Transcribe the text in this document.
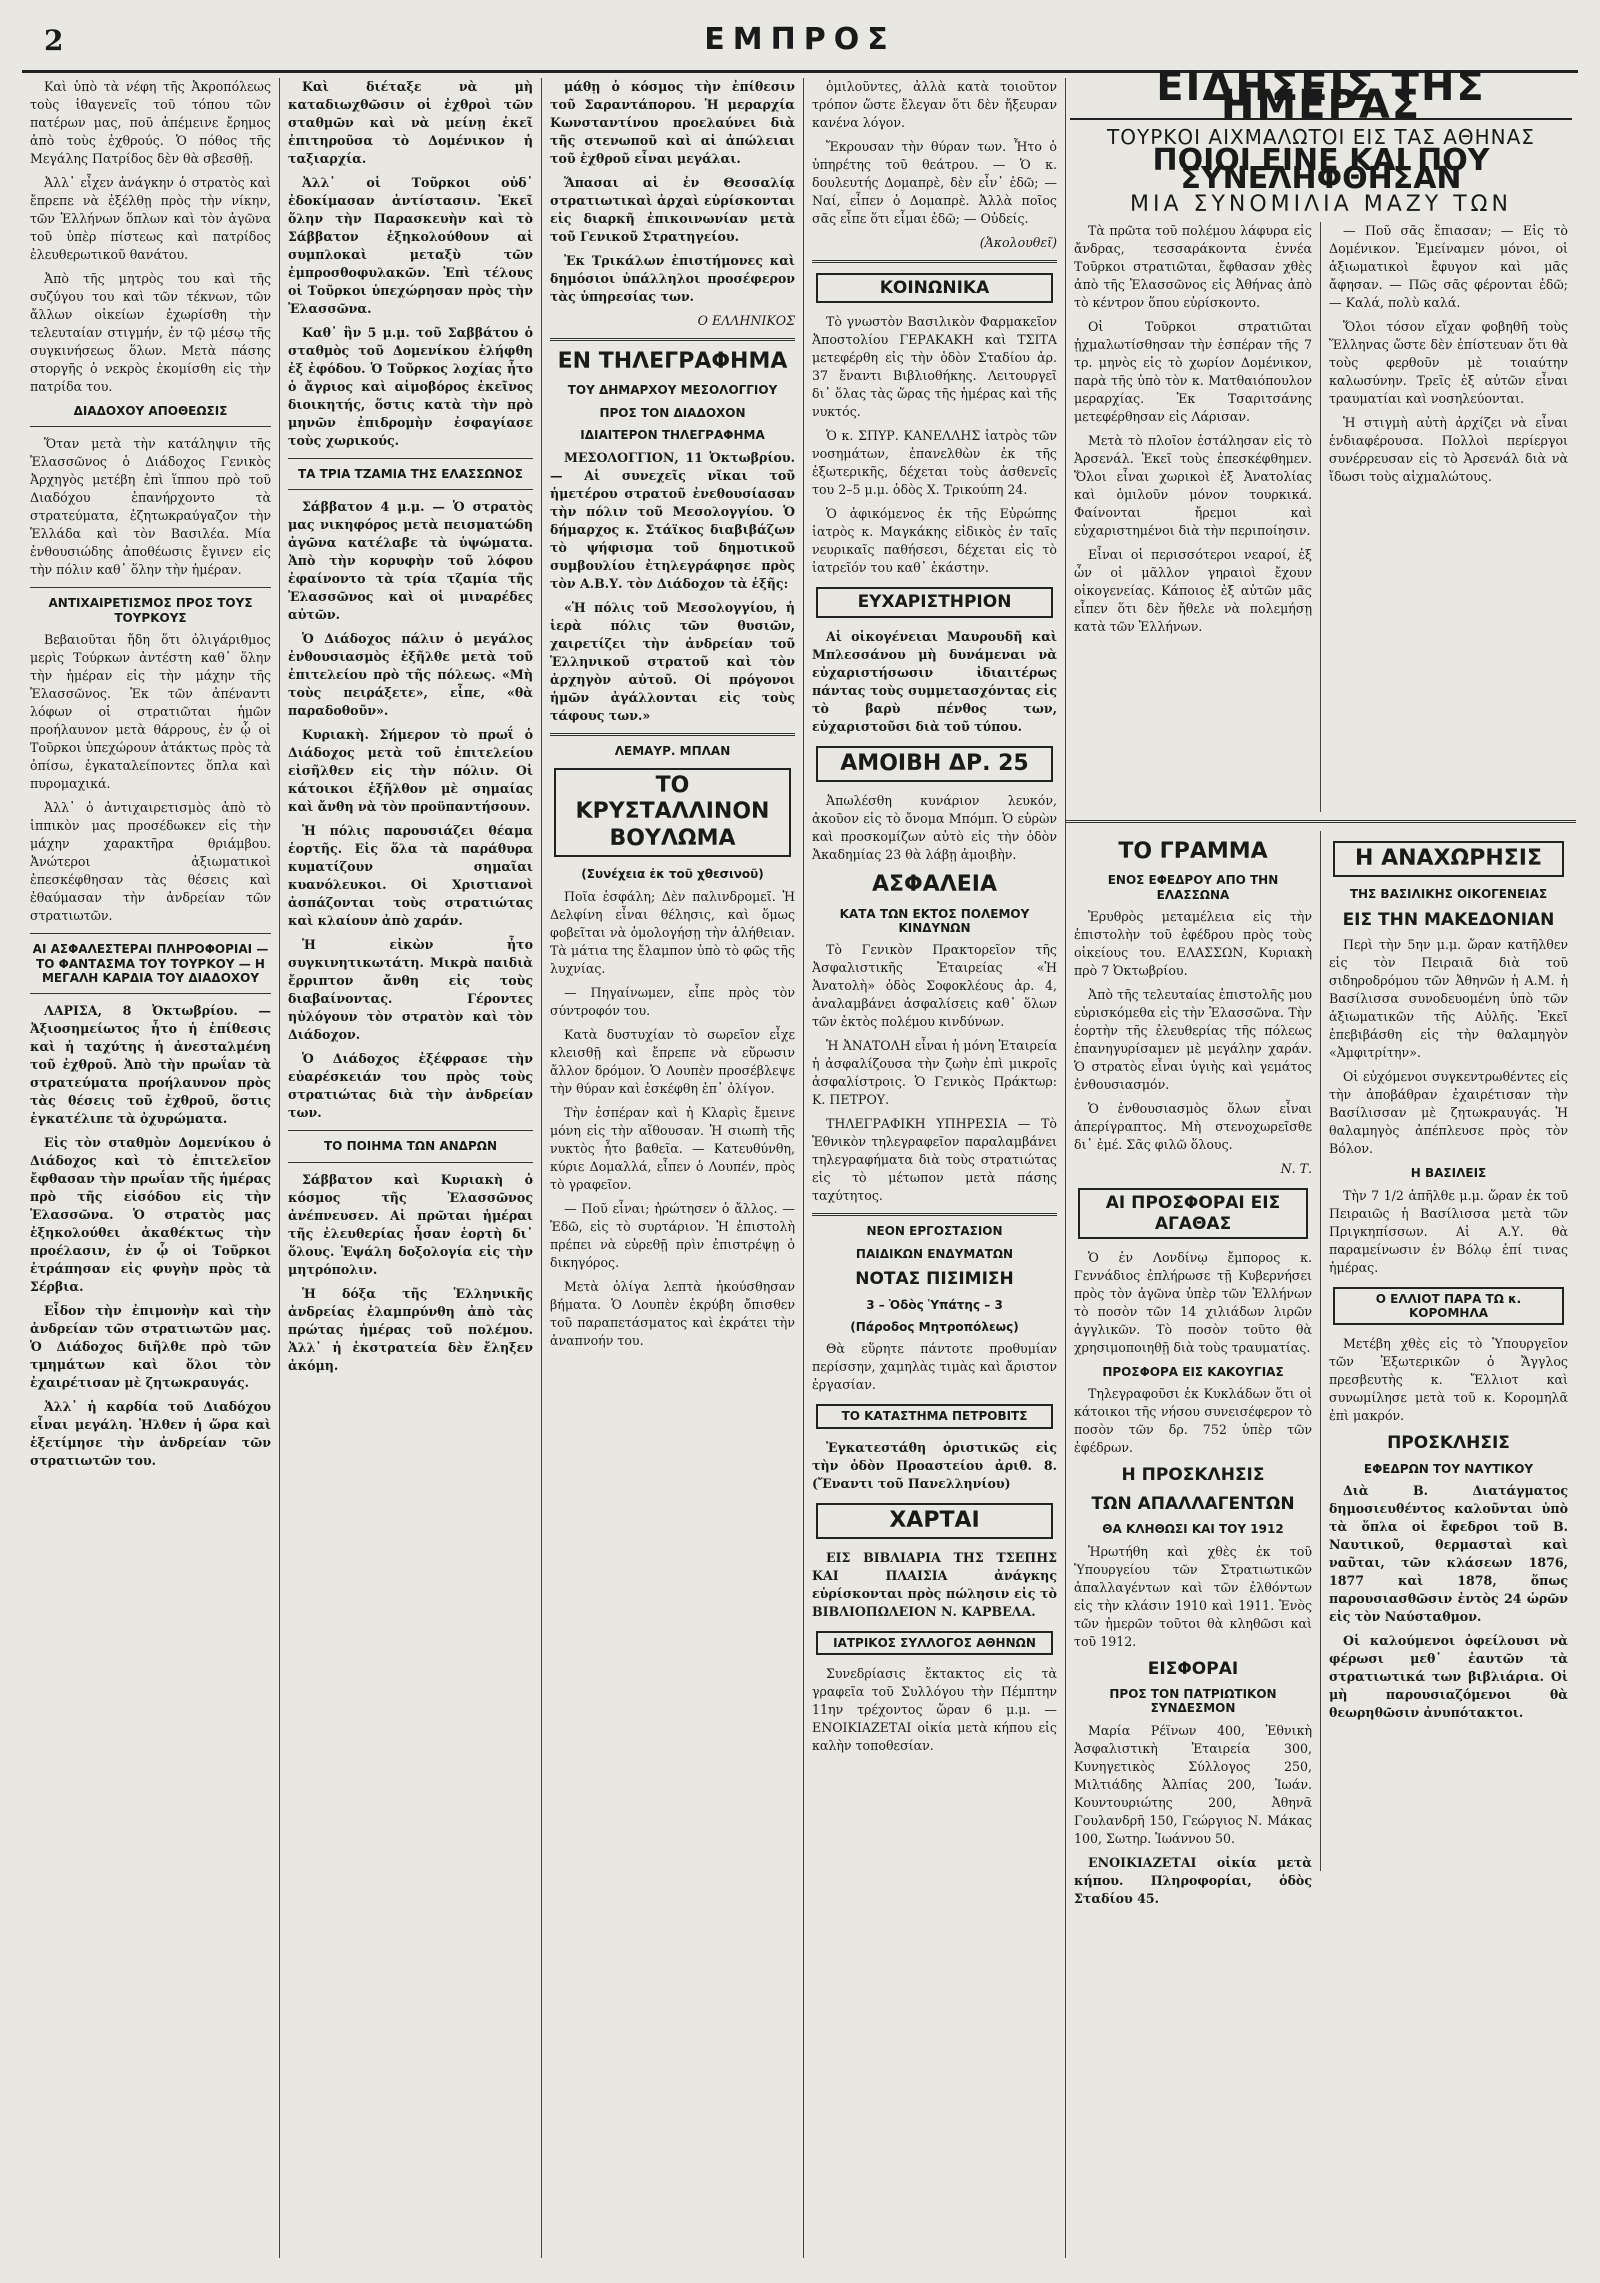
2	ΕΜΠΡΟΣ

Καὶ ὑπὸ τὰ νέφη τῆς Ἀκροπόλεως τοὺς ἰθαγενεῖς τοῦ τόπου τῶν πατέρων μας, ποῦ ἀπέμεινε ἔρημος ἀπὸ τοὺς ἐχθρούς. Ὁ πόθος τῆς Μεγάλης Πατρίδος δὲν θὰ σβεσθῇ.

Ἀλλ᾽ εἶχεν ἀνάγκην ὁ στρατὸς καὶ ἔπρεπε νὰ ἐξέλθῃ πρὸς τὴν νίκην, τῶν Ἑλλήνων ὅπλων καὶ τὸν ἀγῶνα τοῦ ὑπὲρ πίστεως καὶ πατρίδος ἐλευθερωτικοῦ θανάτου.

Ἀπὸ τῆς μητρὸς του καὶ τῆς συζύγου του καὶ τῶν τέκνων, τῶν ἄλλων οἰκείων ἐχωρίσθη τὴν τελευταίαν στιγμήν, ἐν τῷ μέσῳ τῆς συγκινήσεως ὅλων. Μετὰ πάσης στοργῆς ὁ νεκρὸς ἐκομίσθη εἰς τὴν πατρίδα του.

ΔΙΑΔΟΧΟΥ ΑΠΟΘΕΩΣΙΣ

Ὅταν μετὰ τὴν κατάληψιν τῆς Ἐλασσῶνος ὁ Διάδοχος Γενικὸς Ἀρχηγὸς μετέβη ἐπὶ ἵππου πρὸ τοῦ Διαδόχου ἐπανήρχοντο τὰ στρατεύματα, ἐζητωκραύγαζον τὴν Ἑλλάδα καὶ τὸν Βασιλέα. Μία ἐνθουσιώδης ἀποθέωσις ἔγινεν εἰς τὴν πόλιν καθ᾽ ὅλην τὴν ἡμέραν.

ΑΝΤΙΧΑΙΡΕΤΙΣΜΟΣ ΠΡΟΣ ΤΟΥΣ ΤΟΥΡΚΟΥΣ

Βεβαιοῦται ἤδη ὅτι ὀλιγάριθμος μερὶς Τούρκων ἀντέστη καθ᾽ ὅλην τὴν ἡμέραν εἰς τὴν μάχην τῆς Ἐλασσῶνος. Ἐκ τῶν ἀπέναντι λόφων οἱ στρατιῶται ἡμῶν προήλαυνον μετὰ θάρρους, ἐν ᾧ οἱ Τοῦρκοι ὑπεχώρουν ἀτάκτως πρὸς τὰ ὀπίσω, ἐγκαταλείποντες ὅπλα καὶ πυρομαχικά.

Ἀλλ᾽ ὁ ἀντιχαιρετισμὸς ἀπὸ τὸ ἱππικὸν μας προσέδωκεν εἰς τὴν μάχην χαρακτῆρα θριάμβου. Ἀνώτεροι ἀξιωματικοὶ ἐπεσκέφθησαν τὰς θέσεις καὶ ἐθαύμασαν τὴν ἀνδρείαν τῶν στρατιωτῶν.

ΑΙ ΑΣΦΑΛΕΣΤΕΡΑΙ ΠΛΗΡΟΦΟΡΙΑΙ — ΤΟ ΦΑΝΤΑΣΜΑ ΤΟΥ ΤΟΥΡΚΟΥ — Η ΜΕΓΑΛΗ ΚΑΡΔΙΑ ΤΟΥ ΔΙΑΔΟΧΟΥ

ΛΑΡΙΣΑ, 8 Ὀκτωβρίου. — Ἀξιοσημείωτος ἦτο ἡ ἐπίθεσις καὶ ἡ ταχύτης ἡ ἀνεσταλμένη τοῦ ἐχθροῦ. Ἀπὸ τὴν πρωΐαν τὰ στρατεύματα προήλαυνον πρὸς τὰς θέσεις τοῦ ἐχθροῦ, ὅστις ἐγκατέλιπε τὰ ὀχυρώματα.

Εἰς τὸν σταθμὸν Δομενίκου ὁ Διάδοχος καὶ τὸ ἐπιτελεῖον ἔφθασαν τὴν πρωΐαν τῆς ἡμέρας πρὸ τῆς εἰσόδου εἰς τὴν Ἐλασσῶνα. Ὁ στρατὸς μας ἐξηκολούθει ἀκαθέκτως τὴν προέλασιν, ἐν ᾧ οἱ Τοῦρκοι ἐτράπησαν εἰς φυγὴν πρὸς τὰ Σέρβια.

Εἶδον τὴν ἐπιμονὴν καὶ τὴν ἀνδρείαν τῶν στρατιωτῶν μας. Ὁ Διάδοχος διῆλθε πρὸ τῶν τμημάτων καὶ ὅλοι τὸν ἐχαιρέτισαν μὲ ζητωκραυγάς.

Ἀλλ᾽ ἡ καρδία τοῦ Διαδόχου εἶναι μεγάλη. Ἠλθεν ἡ ὥρα καὶ ἐξετίμησε τὴν ἀνδρείαν τῶν στρατιωτῶν του.

Καὶ διέταξε νὰ μὴ καταδιωχθῶσιν οἱ ἐχθροὶ τῶν σταθμῶν καὶ νὰ μείνῃ ἐκεῖ ἐπιτηροῦσα τὸ Δομένικον ἡ ταξιαρχία.

Ἀλλ᾽ οἱ Τοῦρκοι οὐδ᾽ ἐδοκίμασαν ἀντίστασιν. Ἐκεῖ ὅλην τὴν Παρασκευὴν καὶ τὸ Σάββατον ἐξηκολούθουν αἱ συμπλοκαὶ μεταξὺ τῶν ἐμπροσθοφυλακῶν. Ἐπὶ τέλους οἱ Τοῦρκοι ὑπεχώρησαν πρὸς τὴν Ἐλασσῶνα.

Καθ᾽ ἣν 5 μ.μ. τοῦ Σαββάτου ὁ σταθμὸς τοῦ Δομενίκου ἐλήφθη ἐξ ἐφόδου. Ὁ Τοῦρκος λοχίας ἦτο ὁ ἄγριος καὶ αἱμοβόρος ἐκεῖνος διοικητής, ὅστις κατὰ τὴν πρὸ μηνῶν ἐπιδρομὴν ἐσφαγίασε τοὺς χωρικούς.

ΤΑ ΤΡΙΑ ΤΖΑΜΙΑ ΤΗΣ ΕΛΑΣΣΩΝΟΣ

Σάββατον 4 μ.μ. — Ὁ στρατὸς μας νικηφόρος μετὰ πεισματώδη ἀγῶνα κατέλαβε τὰ ὑψώματα. Ἀπὸ τὴν κορυφὴν τοῦ λόφου ἐφαίνοντο τὰ τρία τζαμία τῆς Ἐλασσῶνος καὶ οἱ μιναρέδες αὐτῶν.

Ὁ Διάδοχος πάλιν ὁ μεγάλος ἐνθουσιασμὸς ἐξῆλθε μετὰ τοῦ ἐπιτελείου πρὸ τῆς πόλεως. «Μὴ τοὺς πειράξετε», εἶπε, «θὰ παραδοθοῦν».

Κυριακὴ. Σήμερον τὸ πρωΐ ὁ Διάδοχος μετὰ τοῦ ἐπιτελείου εἰσῆλθεν εἰς τὴν πόλιν. Οἱ κάτοικοι ἐξῆλθον μὲ σημαίας καὶ ἄνθη νὰ τὸν προϋπαντήσουν.

Ἡ πόλις παρουσιάζει θέαμα ἑορτῆς. Εἰς ὅλα τὰ παράθυρα κυματίζουν σημαῖαι κυανόλευκοι. Οἱ Χριστιανοὶ ἀσπάζονται τοὺς στρατιώτας καὶ κλαίουν ἀπὸ χαράν.

Ἡ εἰκὼν ἦτο συγκινητικωτάτη. Μικρὰ παιδιὰ ἔρριπτον ἄνθη εἰς τοὺς διαβαίνοντας. Γέροντες ηὐλόγουν τὸν στρατὸν καὶ τὸν Διάδοχον.

Ὁ Διάδοχος ἐξέφρασε τὴν εὐαρέσκειάν του πρὸς τοὺς στρατιώτας διὰ τὴν ἀνδρείαν των.

ΤΟ ΠΟΙΗΜΑ ΤΩΝ ΑΝΔΡΩΝ

Σάββατον καὶ Κυριακὴ ὁ κόσμος τῆς Ἐλασσῶνος ἀνέπνευσεν. Αἱ πρῶται ἡμέραι τῆς ἐλευθερίας ἦσαν ἑορτὴ δι᾽ ὅλους. Ἐψάλη δοξολογία εἰς τὴν μητρόπολιν.

Ἡ δόξα τῆς Ἑλληνικῆς ἀνδρείας ἐλαμπρύνθη ἀπὸ τὰς πρώτας ἡμέρας τοῦ πολέμου. Ἀλλ᾽ ἡ ἐκστρατεία δὲν ἔληξεν ἀκόμη.

μάθῃ ὁ κόσμος τὴν ἐπίθεσιν τοῦ Σαραντάπορου. Ἡ μεραρχία Κωνσταντίνου προελαύνει διὰ τῆς στενωποῦ καὶ αἱ ἀπώλειαι τοῦ ἐχθροῦ εἶναι μεγάλαι.

Ἅπασαι αἱ ἐν Θεσσαλίᾳ στρατιωτικαὶ ἀρχαὶ εὑρίσκονται εἰς διαρκῆ ἐπικοινωνίαν μετὰ τοῦ Γενικοῦ Στρατηγείου.

Ἐκ Τρικάλων ἐπιστήμονες καὶ δημόσιοι ὑπάλληλοι προσέφερον τὰς ὑπηρεσίας των.

Ο ΕΛΛΗΝΙΚΟΣ
ΕΝ ΤΗΛΕΓΡΑΦΗΜΑ
ΤΟΥ ΔΗΜΑΡΧΟΥ ΜΕΣΟΛΟΓΓΙΟΥ
ΠΡΟΣ ΤΟΝ ΔΙΑΔΟΧΟΝ
ΙΔΙΑΙΤΕΡΟΝ ΤΗΛΕΓΡΑΦΗΜΑ

ΜΕΣΟΛΟΓΓΙΟΝ, 11 Ὀκτωβρίου. — Αἱ συνεχεῖς νῖκαι τοῦ ἡμετέρου στρατοῦ ἐνεθουσίασαν τὴν πόλιν τοῦ Μεσολογγίου. Ὁ δήμαρχος κ. Στάϊκος διαβιβάζων τὸ ψήφισμα τοῦ δημοτικοῦ συμβουλίου ἐτηλεγράφησε πρὸς τὸν Α.Β.Υ. τὸν Διάδοχον τὰ ἑξῆς:

«Ἡ πόλις τοῦ Μεσολογγίου, ἡ ἱερὰ πόλις τῶν θυσιῶν, χαιρετίζει τὴν ἀνδρείαν τοῦ Ἑλληνικοῦ στρατοῦ καὶ τὸν ἀρχηγὸν αὐτοῦ. Οἱ πρόγονοι ἡμῶν ἀγάλλονται εἰς τοὺς τάφους των.»

ΛΕΜΑΥΡ. ΜΠΛΑΝ
ΤΟ ΚΡΥΣΤΑΛΛΙΝΟΝ ΒΟΥΛΩΜΑ
(Συνέχεια ἐκ τοῦ χθεσινοῦ)

Ποῖα ἐσφάλη; Δὲν παλινδρομεῖ. Ἡ Δελφίνη εἶναι θέλησις, καὶ ὅμως φοβεῖται νὰ ὁμολογήσῃ τὴν ἀλήθειαν. Τὰ μάτια της ἔλαμπον ὑπὸ τὸ φῶς τῆς λυχνίας.

— Πηγαίνωμεν, εἶπε πρὸς τὸν σύντροφόν του.

Κατὰ δυστυχίαν τὸ σωρεῖον εἶχε κλεισθῇ καὶ ἔπρεπε νὰ εὕρωσιν ἄλλον δρόμον. Ὁ Λουπὲν προσέβλεψε τὴν θύραν καὶ ἐσκέφθη ἐπ᾽ ὀλίγον.

Τὴν ἑσπέραν καὶ ἡ Κλαρὶς ἔμεινε μόνη εἰς τὴν αἴθουσαν. Ἡ σιωπὴ τῆς νυκτὸς ἦτο βαθεῖα. — Κατευθύνθη, κύριε Δομαλλά, εἶπεν ὁ Λουπέν, πρὸς τὸ γραφεῖον.

— Ποῦ εἶναι; ἠρώτησεν ὁ ἄλλος. — Ἐδῶ, εἰς τὸ συρτάριον. Ἡ ἐπιστολὴ πρέπει νὰ εὑρεθῇ πρὶν ἐπιστρέψῃ ὁ δικηγόρος.

Μετὰ ὀλίγα λεπτὰ ἠκούσθησαν βήματα. Ὁ Λουπὲν ἐκρύβη ὄπισθεν τοῦ παραπετάσματος καὶ ἐκράτει τὴν ἀναπνοήν του.

ὁμιλοῦντες, ἀλλὰ κατὰ τοιοῦτον τρόπον ὥστε ἔλεγαν ὅτι δὲν ἤξευραν κανένα λόγον.

Ἔκρουσαν τὴν θύραν των. Ἦτο ὁ ὑπηρέτης τοῦ θεάτρου. — Ὁ κ. δουλευτής Δομαπρὲ, δὲν εἶν᾽ ἐδῶ; — Ναί, εἶπεν ὁ Δομαπρὲ. Ἀλλὰ ποῖος σᾶς εἶπε ὅτι εἶμαι ἐδῶ; — Οὐδείς.

(Ἀκολουθεῖ)
ΚΟΙΝΩΝΙΚΑ

Τὸ γνωστὸν Βασιλικὸν Φαρμακεῖον Ἀποστολίου ΓΕΡΑΚΑΚΗ καὶ ΤΣΙΤΑ μετεφέρθη εἰς τὴν ὁδὸν Σταδίου ἀρ. 37 ἔναντι Βιβλιοθήκης. Λειτουργεῖ δι᾽ ὅλας τὰς ὥρας τῆς ἡμέρας καὶ τῆς νυκτός.

Ὁ κ. ΣΠΥΡ. ΚΑΝΕΛΛΗΣ ἰατρὸς τῶν νοσημάτων, ἐπανελθὼν ἐκ τῆς ἐξωτερικῆς, δέχεται τοὺς ἀσθενεῖς του 2–5 μ.μ. ὁδὸς Χ. Τρικούπη 24.

Ὁ ἀφικόμενος ἐκ τῆς Εὐρώπης ἰατρὸς κ. Μαγκάκης εἰδικὸς ἐν ταῖς νευρικαῖς παθήσεσι, δέχεται εἰς τὸ ἰατρεῖόν του καθ᾽ ἑκάστην.

ΕΥΧΑΡΙΣΤΗΡΙΟΝ

Αἱ οἰκογένειαι Μαυρουδῆ καὶ Μπλεσσάνου μὴ δυνάμεναι νὰ εὐχαριστήσωσιν ἰδιαιτέρως πάντας τοὺς συμμετασχόντας εἰς τὸ βαρὺ πένθος των, εὐχαριστοῦσι διὰ τοῦ τύπου.

ΑΜΟΙΒΗ ΔΡ. 25

Ἀπωλέσθη κυνάριον λευκόν, ἀκοῦον εἰς τὸ ὄνομα Μπόμπ. Ὁ εὑρὼν καὶ προσκομίζων αὐτὸ εἰς τὴν ὁδὸν Ἀκαδημίας 23 θὰ λάβῃ ἀμοιβὴν.

ΑΣΦΑΛΕΙΑ
ΚΑΤΑ ΤΩΝ ΕΚΤΟΣ ΠΟΛΕΜΟΥ ΚΙΝΔΥΝΩΝ

Τὸ Γενικὸν Πρακτορεῖον τῆς Ἀσφαλιστικῆς Ἑταιρείας «Ἡ Ἀνατολὴ» ὁδὸς Σοφοκλέους ἀρ. 4, ἀναλαμβάνει ἀσφαλίσεις καθ᾽ ὅλων τῶν ἐκτὸς πολέμου κινδύνων.

Ἡ ἈΝΑΤΟΛΗ εἶναι ἡ μόνη Ἑταιρεία ἡ ἀσφαλίζουσα τὴν ζωὴν ἐπὶ μικροῖς ἀσφαλίστροις. Ὁ Γενικὸς Πράκτωρ: Κ. ΠΕΤΡΟΥ.

ΤΗΛΕΓΡΑΦΙΚΗ ΥΠΗΡΕΣΙΑ — Τὸ Ἐθνικὸν τηλεγραφεῖον παραλαμβάνει τηλεγραφήματα διὰ τοὺς στρατιώτας εἰς τὸ μέτωπον μετὰ πάσης ταχύτητος.

ΝΕΟΝ ΕΡΓΟΣΤΑΣΙΟΝ
ΠΑΙΔΙΚΩΝ ΕΝΔΥΜΑΤΩΝ
ΝΟΤΑΣ ΠΙΣΙΜΙΣΗ
3 – Ὁδὸς Ὑπάτης – 3
(Πάροδος Μητροπόλεως)

Θὰ εὕρητε πάντοτε προθυμίαν περίσσην, χαμηλὰς τιμὰς καὶ ἄριστον ἐργασίαν.

ΤΟ ΚΑΤΑΣΤΗΜΑ ΠΕΤΡΟΒΙΤΣ

Ἐγκατεστάθη ὁριστικῶς εἰς τὴν ὁδὸν Προαστείου ἀριθ. 8. (Ἔναντι τοῦ Πανελληνίου)

ΧΑΡΤΑΙ

ΕΙΣ ΒΙΒΛΙΑΡΙΑ ΤΗΣ ΤΣΕΠΗΣ ΚΑΙ ΠΛΑΙΣΙΑ ἀνάγκης εὑρίσκονται πρὸς πώλησιν εἰς τὸ ΒΙΒΛΙΟΠΩΛΕΙΟΝ Ν. ΚΑΡΒΕΛΑ.

ΙΑΤΡΙΚΟΣ ΣΥΛΛΟΓΟΣ ΑΘΗΝΩΝ

Συνεδρίασις ἔκτακτος εἰς τὰ γραφεῖα τοῦ Συλλόγου τὴν Πέμπτην 11ην τρέχοντος ὥραν 6 μ.μ. — ΕΝΟΙΚΙΑΖΕΤΑΙ οἰκία μετὰ κήπου εἰς καλὴν τοποθεσίαν.

ΕΙΔΗΣΕΙΣ ΤΗΣ ΗΜΕΡΑΣ
ΤΟΥΡΚΟΙ ΑΙΧΜΑΛΩΤΟΙ ΕΙΣ ΤΑΣ ΑΘΗΝΑΣ
ΠΟΙΟΙ ΕΙΝΕ ΚΑΙ ΠΟΥ ΣΥΝΕΛΗΦΘΗΣΑΝ
ΜΙΑ ΣΥΝΟΜΙΛΙΑ ΜΑΖΥ ΤΩΝ

Τὰ πρῶτα τοῦ πολέμου λάφυρα εἰς ἄνδρας, τεσσαράκοντα ἐννέα Τοῦρκοι στρατιῶται, ἔφθασαν χθὲς ἀπὸ τῆς Ἐλασσῶνος εἰς Ἀθήνας ἀπὸ τὸ κέντρον ὅπου εὑρίσκοντο.

Οἱ Τοῦρκοι στρατιῶται ᾐχμαλωτίσθησαν τὴν ἑσπέραν τῆς 7 τρ. μηνὸς εἰς τὸ χωρίον Δομένικον, παρὰ τῆς ὑπὸ τὸν κ. Ματθαιόπουλον μεραρχίας. Ἐκ Τσαριτσάνης μετεφέρθησαν εἰς Λάρισαν.

Μετὰ τὸ πλοῖον ἐστάλησαν εἰς τὸ Ἀρσενάλ. Ἐκεῖ τοὺς ἐπεσκέφθημεν. Ὅλοι εἶναι χωρικοὶ ἐξ Ἀνατολίας καὶ ὁμιλοῦν μόνον τουρκικά. Φαίνονται ἤρεμοι καὶ εὐχαριστημένοι διὰ τὴν περιποίησιν.

Εἶναι οἱ περισσότεροι νεαροί, ἐξ ὧν οἱ μᾶλλον γηραιοὶ ἔχουν οἰκογενείας. Κάποιος ἐξ αὐτῶν μᾶς εἶπεν ὅτι δὲν ἤθελε νὰ πολεμήσῃ κατὰ τῶν Ἑλλήνων.

— Ποῦ σᾶς ἔπιασαν; — Εἰς τὸ Δομένικον. Ἐμείναμεν μόνοι, οἱ ἀξιωματικοὶ ἔφυγον καὶ μᾶς ἄφησαν. — Πῶς σᾶς φέρονται ἐδῶ; — Καλά, πολὺ καλά.

Ὅλοι τόσον εἴχαν φοβηθῆ τοὺς Ἕλληνας ὥστε δὲν ἐπίστευαν ὅτι θὰ τοὺς φερθοῦν μὲ τοιαύτην καλωσύνην. Τρεῖς ἐξ αὐτῶν εἶναι τραυματίαι καὶ νοσηλεύονται.

Ἡ στιγμὴ αὐτὴ ἀρχίζει νὰ εἶναι ἐνδιαφέρουσα. Πολλοὶ περίεργοι συνέρρευσαν εἰς τὸ Ἀρσενάλ διὰ νὰ ἴδωσι τοὺς αἰχμαλώτους.

ΤΟ ΓΡΑΜΜΑ
ΕΝΟΣ ΕΦΕΔΡΟΥ ΑΠΟ ΤΗΝ ΕΛΑΣΣΩΝΑ

Ἐρυθρὸς μεταμέλεια εἰς τὴν ἐπιστολὴν τοῦ ἐφέδρου πρὸς τοὺς οἰκείους του. ΕΛΑΣΣΩΝ, Κυριακὴ πρὸ 7 Ὀκτωβρίου.

Ἀπὸ τῆς τελευταίας ἐπιστολῆς μου εὑρισκόμεθα εἰς τὴν Ἐλασσῶνα. Τὴν ἑορτὴν τῆς ἐλευθερίας τῆς πόλεως ἐπανηγυρίσαμεν μὲ μεγάλην χαράν. Ὁ στρατὸς εἶναι ὑγιὴς καὶ γεμάτος ἐνθουσιασμόν.

Ὁ ἐνθουσιασμὸς ὅλων εἶναι ἀπερίγραπτος. Μὴ στενοχωρεῖσθε δι᾽ ἐμέ. Σᾶς φιλῶ ὅλους.

Ν. Τ.
ΑΙ ΠΡΟΣΦΟΡΑΙ ΕΙΣ ΑΓΑΘΑΣ

Ὁ ἐν Λονδίνῳ ἔμπορος κ. Γεννάδιος ἐπλήρωσε τῇ Κυβερνήσει πρὸς τὸν ἀγῶνα ὑπὲρ τῶν Ἑλλήνων τὸ ποσὸν τῶν 14 χιλιάδων λιρῶν ἀγγλικῶν. Τὸ ποσὸν τοῦτο θὰ χρησιμοποιηθῇ διὰ τοὺς τραυματίας.

ΠΡΟΣΦΟΡΑ ΕΙΣ ΚΑΚΟΥΓΙΑΣ

Τηλεγραφοῦσι ἐκ Κυκλάδων ὅτι οἱ κάτοικοι τῆς νήσου συνεισέφερον τὸ ποσὸν τῶν δρ. 752 ὑπὲρ τῶν ἐφέδρων.

Η ΠΡΟΣΚΛΗΣΙΣ
ΤΩΝ ΑΠΑΛΛΑΓΕΝΤΩΝ
ΘΑ ΚΛΗΘΩΣΙ ΚΑΙ ΤΟΥ 1912

Ἠρωτήθη καὶ χθὲς ἐκ τοῦ Ὑπουργείου τῶν Στρατιωτικῶν ἀπαλλαγέντων καὶ τῶν ἐλθόντων εἰς τὴν κλάσιν 1910 καὶ 1911. Ἑνὸς τῶν ἡμερῶν τοῦτοι θὰ κληθῶσι καὶ τοῦ 1912.

ΕΙΣΦΟΡΑΙ
ΠΡΟΣ ΤΟΝ ΠΑΤΡΙΩΤΙΚΟΝ ΣΥΝΔΕΣΜΟΝ

Μαρία Ρέϊνων 400, Ἐθνικὴ Ἀσφαλιστικὴ Ἑταιρεία 300, Κυνηγετικὸς Σύλλογος 250, Μιλτιάδης Ἀλπίας 200, Ἰωάν. Κουντουριώτης 200, Ἀθηνᾶ Γουλανδρῆ 150, Γεώργιος Ν. Μάκας 100, Σωτηρ. Ἰωάννου 50.

ΕΝΟΙΚΙΑΖΕΤΑΙ οἰκία μετὰ κήπου. Πληροφορίαι, ὁδὸς Σταδίου 45.

Η ΑΝΑΧΩΡΗΣΙΣ
ΤΗΣ ΒΑΣΙΛΙΚΗΣ ΟΙΚΟΓΕΝΕΙΑΣ
ΕΙΣ ΤΗΝ ΜΑΚΕΔΟΝΙΑΝ

Περὶ τὴν 5ην μ.μ. ὥραν κατῆλθεν εἰς τὸν Πειραιᾶ διὰ τοῦ σιδηροδρόμου τῶν Ἀθηνῶν ἡ Α.Μ. ἡ Βασίλισσα συνοδευομένη ὑπὸ τῶν ἀξιωματικῶν τῆς Αὐλῆς. Ἐκεῖ ἐπεβιβάσθη εἰς τὴν θαλαμηγὸν «Ἀμφιτρίτην».

Οἱ εὐχόμενοι συγκεντρωθέντες εἰς τὴν ἀποβάθραν ἐχαιρέτισαν τὴν Βασίλισσαν μὲ ζητωκραυγάς. Ἡ θαλαμηγὸς ἀπέπλευσε πρὸς τὸν Βόλον.

Η ΒΑΣΙΛΕΙΣ

Τὴν 7 1/2 ἀπῆλθε μ.μ. ὥραν ἐκ τοῦ Πειραιῶς ἡ Βασίλισσα μετὰ τῶν Πριγκηπίσσων. Αἱ Α.Υ. θὰ παραμείνωσιν ἐν Βόλῳ ἐπί τινας ἡμέρας.

Ο ΕΛΛΙΟΤ ΠΑΡΑ ΤΩ κ. ΚΟΡΟΜΗΛΑ

Μετέβη χθὲς εἰς τὸ Ὑπουργεῖον τῶν Ἐξωτερικῶν ὁ Ἄγγλος πρεσβευτὴς κ. Ἔλλιοτ καὶ συνωμίλησε μετὰ τοῦ κ. Κορομηλᾶ ἐπὶ μακρόν.

ΠΡΟΣΚΛΗΣΙΣ
ΕΦΕΔΡΩΝ ΤΟΥ ΝΑΥΤΙΚΟΥ

Διὰ Β. Διατάγματος δημοσιευθέντος καλοῦνται ὑπὸ τὰ ὅπλα οἱ ἔφεδροι τοῦ Β. Ναυτικοῦ, θερμασταὶ καὶ ναῦται, τῶν κλάσεων 1876, 1877 καὶ 1878, ὅπως παρουσιασθῶσιν ἐντὸς 24 ὡρῶν εἰς τὸν Ναύσταθμον.

Οἱ καλούμενοι ὀφείλουσι νὰ φέρωσι μεθ᾽ ἑαυτῶν τὰ στρατιωτικά των βιβλιάρια. Οἱ μὴ παρουσιαζόμενοι θὰ θεωρηθῶσιν ἀνυπότακτοι.
